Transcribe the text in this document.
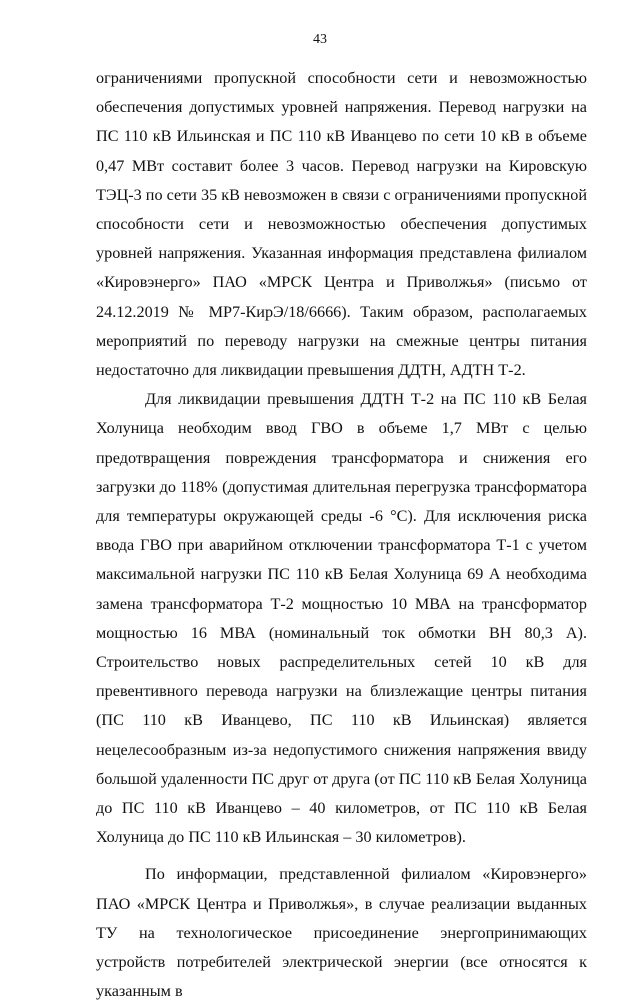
43

ограничениями пропускной способности сети и невозможностью обеспечения допустимых уровней напряжения. Перевод нагрузки на ПС 110 кВ Ильинская и ПС 110 кВ Иванцево по сети 10 кВ в объеме 0,47 МВт составит более 3 часов. Перевод нагрузки на Кировскую ТЭЦ-3 по сети 35 кВ невозможен в связи с ограничениями пропускной способности сети и невозможностью обеспечения допустимых уровней напряжения. Указанная информация представлена филиалом «Кировэнерго» ПАО «МРСК Центра и Приволжья» (письмо от 24.12.2019 № МР7-КирЭ/18/6666). Таким образом, располагаемых мероприятий по переводу нагрузки на смежные центры питания недостаточно для ликвидации превышения ДДТН, АДТН Т-2.

Для ликвидации превышения ДДТН Т-2 на ПС 110 кВ Белая Холуница необходим ввод ГВО в объеме 1,7 МВт с целью предотвращения повреждения трансформатора и снижения его загрузки до 118% (допустимая длительная перегрузка трансформатора для температуры окружающей среды -6 °С). Для исключения риска ввода ГВО при аварийном отключении трансформатора Т-1 с учетом максимальной нагрузки ПС 110 кВ Белая Холуница 69 А необходима замена трансформатора Т-2 мощностью 10 МВА на трансформатор мощностью 16 МВА (номинальный ток обмотки ВН 80,3 А). Строительство новых распределительных сетей 10 кВ для превентивного перевода нагрузки на близлежащие центры питания (ПС 110 кВ Иванцево, ПС 110 кВ Ильинская) является нецелесообразным из-за недопустимого снижения напряжения ввиду большой удаленности ПС друг от друга (от ПС 110 кВ Белая Холуница до ПС 110 кВ Иванцево – 40 километров, от ПС 110 кВ Белая Холуница до ПС 110 кВ Ильинская – 30 километров).

По информации, представленной филиалом «Кировэнерго» ПАО «МРСК Центра и Приволжья», в случае реализации выданных ТУ на технологическое присоединение энергопринимающих устройств потребителей электрической энергии (все относятся к указанным в
